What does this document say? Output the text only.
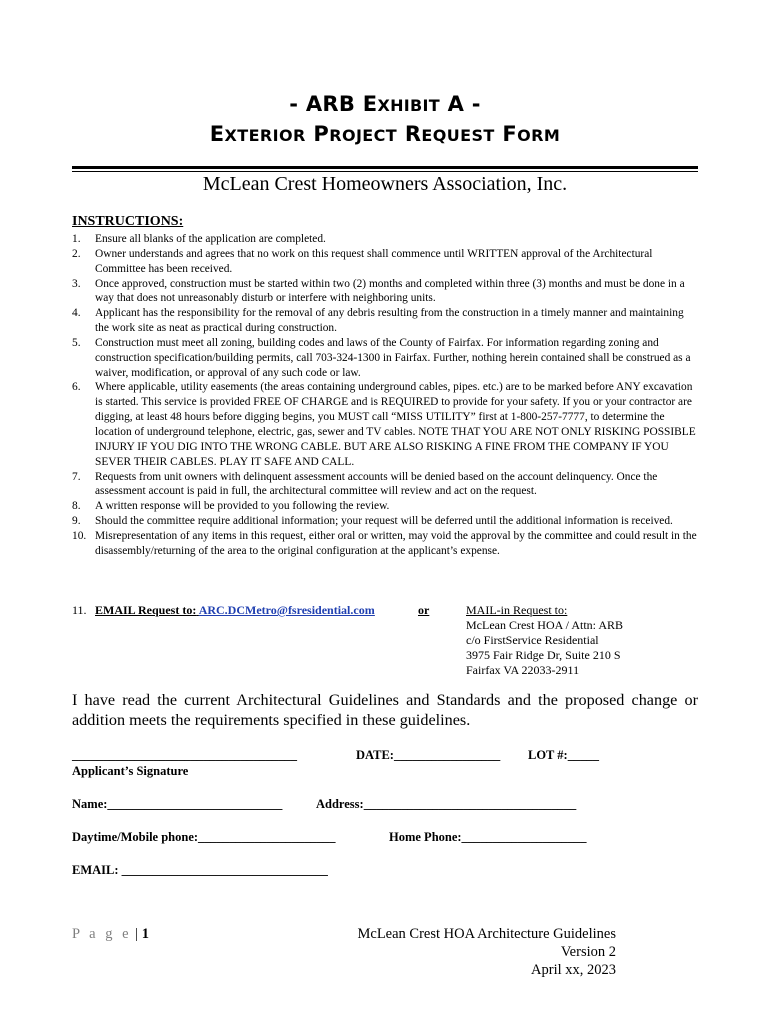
- ARB EXHIBIT A -
EXTERIOR PROJECT REQUEST FORM
McLean Crest Homeowners Association, Inc.
INSTRUCTIONS:
1. Ensure all blanks of the application are completed.
2. Owner understands and agrees that no work on this request shall commence until WRITTEN approval of the Architectural Committee has been received.
3. Once approved, construction must be started within two (2) months and completed within three (3) months and must be done in a way that does not unreasonably disturb or interfere with neighboring units.
4. Applicant has the responsibility for the removal of any debris resulting from the construction in a timely manner and maintaining the work site as neat as practical during construction.
5. Construction must meet all zoning, building codes and laws of the County of Fairfax. For information regarding zoning and construction specification/building permits, call 703-324-1300 in Fairfax. Further, nothing herein contained shall be construed as a waiver, modification, or approval of any such code or law.
6. Where applicable, utility easements (the areas containing underground cables, pipes. etc.) are to be marked before ANY excavation is started. This service is provided FREE OF CHARGE and is REQUIRED to provide for your safety. If you or your contractor are digging, at least 48 hours before digging begins, you MUST call “MISS UTILITY” first at 1-800-257-7777, to determine the location of underground telephone, electric, gas, sewer and TV cables. NOTE THAT YOU ARE NOT ONLY RISKING POSSIBLE INJURY IF YOU DIG INTO THE WRONG CABLE. BUT ARE ALSO RISKING A FINE FROM THE COMPANY IF YOU SEVER THEIR CABLES. PLAY IT SAFE AND CALL.
7. Requests from unit owners with delinquent assessment accounts will be denied based on the account delinquency. Once the assessment account is paid in full, the architectural committee will review and act on the request.
8. A written response will be provided to you following the review.
9. Should the committee require additional information; your request will be deferred until the additional information is received.
10. Misrepresentation of any items in this request, either oral or written, may void the approval by the committee and could result in the disassembly/returning of the area to the original configuration at the applicant’s expense.
11. EMAIL Request to: ARC.DCMetro@fsresidential.com	or	MAIL-in Request to:
McLean Crest HOA / Attn: ARB
c/o FirstService Residential
3975 Fair Ridge Dr, Suite 210 S
Fairfax VA 22033-2911
I have read the current Architectural Guidelines and Standards and the proposed change or addition meets the requirements specified in these guidelines.
____________________________________	DATE:_________________ LOT #:_____
Applicant’s Signature
Name:____________________________	Address:__________________________________
Daytime/Mobile phone:______________________	Home Phone:____________________
EMAIL: _________________________________
P a g e | 1	McLean Crest HOA Architecture Guidelines
Version 2
April xx, 2023
